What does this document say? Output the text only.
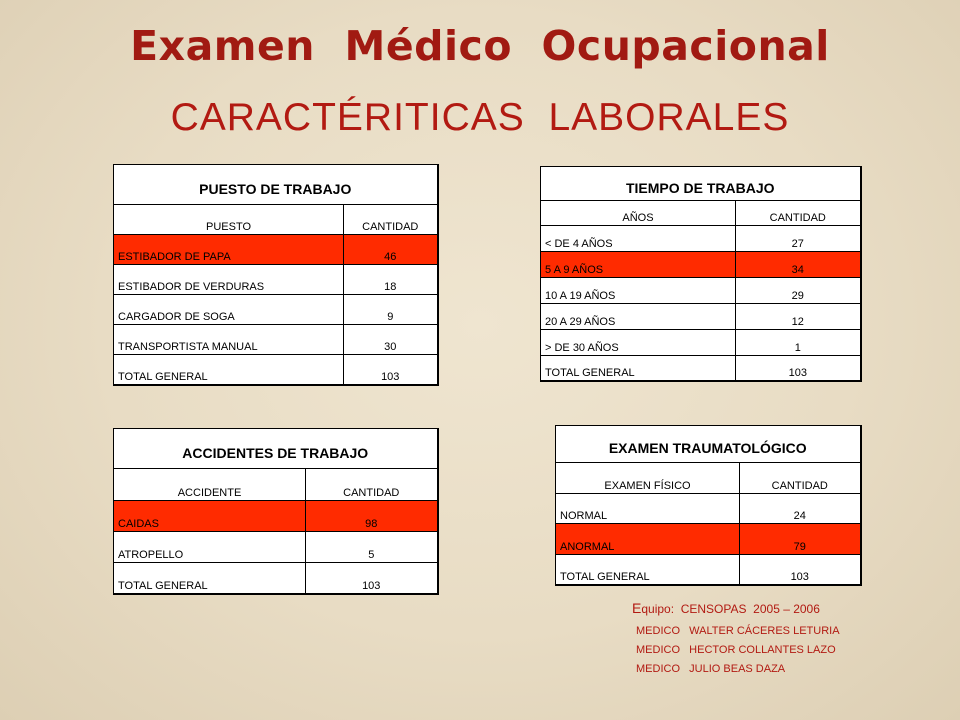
Examen  Médico  Ocupacional
CARACTÉRITICAS  LABORALES
PUESTO DE TRABAJO	
PUESTO	CANTIDAD
ESTIBADOR DE PAPA	46
ESTIBADOR DE VERDURAS	18
CARGADOR DE SOGA	9
TRANSPORTISTA MANUAL	30
TOTAL GENERAL	103
TIEMPO DE TRABAJO	
AÑOS	CANTIDAD
< DE 4 AÑOS	27
5 A 9 AÑOS	34
10 A 19 AÑOS	29
20 A 29 AÑOS	12
> DE 30 AÑOS	1
TOTAL GENERAL	103
ACCIDENTES DE TRABAJO	
ACCIDENTE	CANTIDAD
CAIDAS	98
ATROPELLO	5
TOTAL GENERAL	103
EXAMEN TRAUMATOLÓGICO	
EXAMEN FÍSICO	CANTIDAD
NORMAL	24
ANORMAL	79
TOTAL GENERAL	103
Equipo:  CENSOPAS  2005 – 2006
MEDICO   WALTER CÁCERES LETURIA
MEDICO   HECTOR COLLANTES LAZO
MEDICO   JULIO BEAS DAZA
